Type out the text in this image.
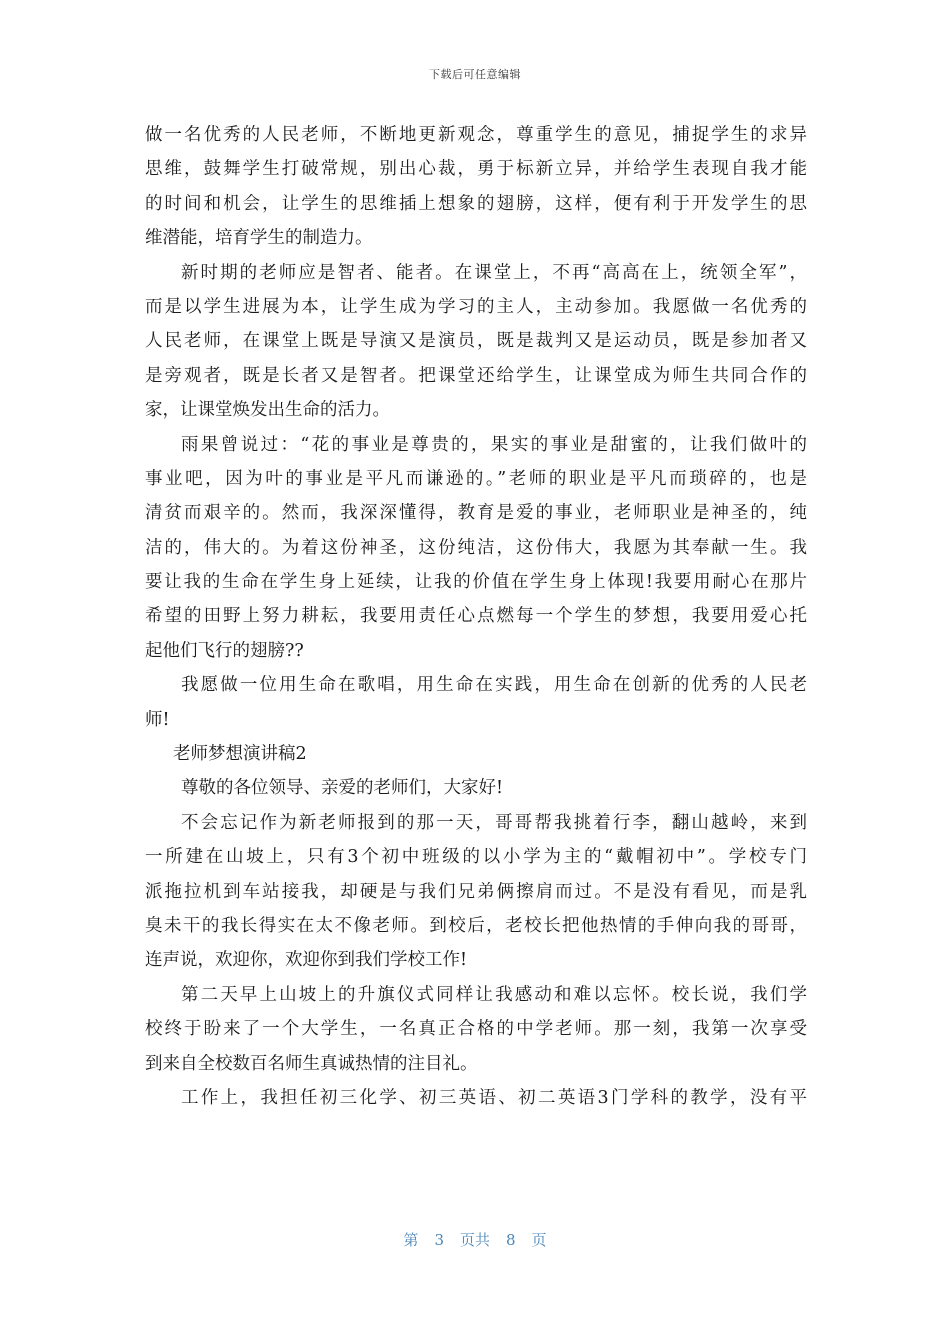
下载后可任意编辑
做一名优秀的人民老师，不断地更新观念，尊重学生的意见，捕捉学生的求异
思维，鼓舞学生打破常规，别出心裁，勇于标新立异，并给学生表现自我才能
的时间和机会，让学生的思维插上想象的翅膀，这样，便有利于开发学生的思
维潜能，培育学生的制造力。
新时期的老师应是智者、能者。在课堂上，不再“高高在上，统领全军”，
而是以学生进展为本，让学生成为学习的主人，主动参加。我愿做一名优秀的
人民老师，在课堂上既是导演又是演员，既是裁判又是运动员，既是参加者又
是旁观者，既是长者又是智者。把课堂还给学生，让课堂成为师生共同合作的
家，让课堂焕发出生命的活力。
雨果曾说过：“花的事业是尊贵的，果实的事业是甜蜜的，让我们做叶的
事业吧，因为叶的事业是平凡而谦逊的。”老师的职业是平凡而琐碎的，也是
清贫而艰辛的。然而，我深深懂得，教育是爱的事业，老师职业是神圣的，纯
洁的，伟大的。为着这份神圣，这份纯洁，这份伟大，我愿为其奉献一生。我
要让我的生命在学生身上延续，让我的价值在学生身上体现!我要用耐心在那片
希望的田野上努力耕耘，我要用责任心点燃每一个学生的梦想，我要用爱心托
起他们飞行的翅膀??
我愿做一位用生命在歌唱，用生命在实践，用生命在创新的优秀的人民老
师!
老师梦想演讲稿2
尊敬的各位领导、亲爱的老师们，大家好!
不会忘记作为新老师报到的那一天，哥哥帮我挑着行李，翻山越岭，来到
一所建在山坡上，只有3个初中班级的以小学为主的“戴帽初中”。学校专门
派拖拉机到车站接我，却硬是与我们兄弟俩擦肩而过。不是没有看见，而是乳
臭未干的我长得实在太不像老师。到校后，老校长把他热情的手伸向我的哥哥，
连声说，欢迎你，欢迎你到我们学校工作!
第二天早上山坡上的升旗仪式同样让我感动和难以忘怀。校长说，我们学
校终于盼来了一个大学生，一名真正合格的中学老师。那一刻，我第一次享受
到来自全校数百名师生真诚热情的注目礼。
工作上，我担任初三化学、初三英语、初二英语3门学科的教学，没有平
第 3 页共 8 页
